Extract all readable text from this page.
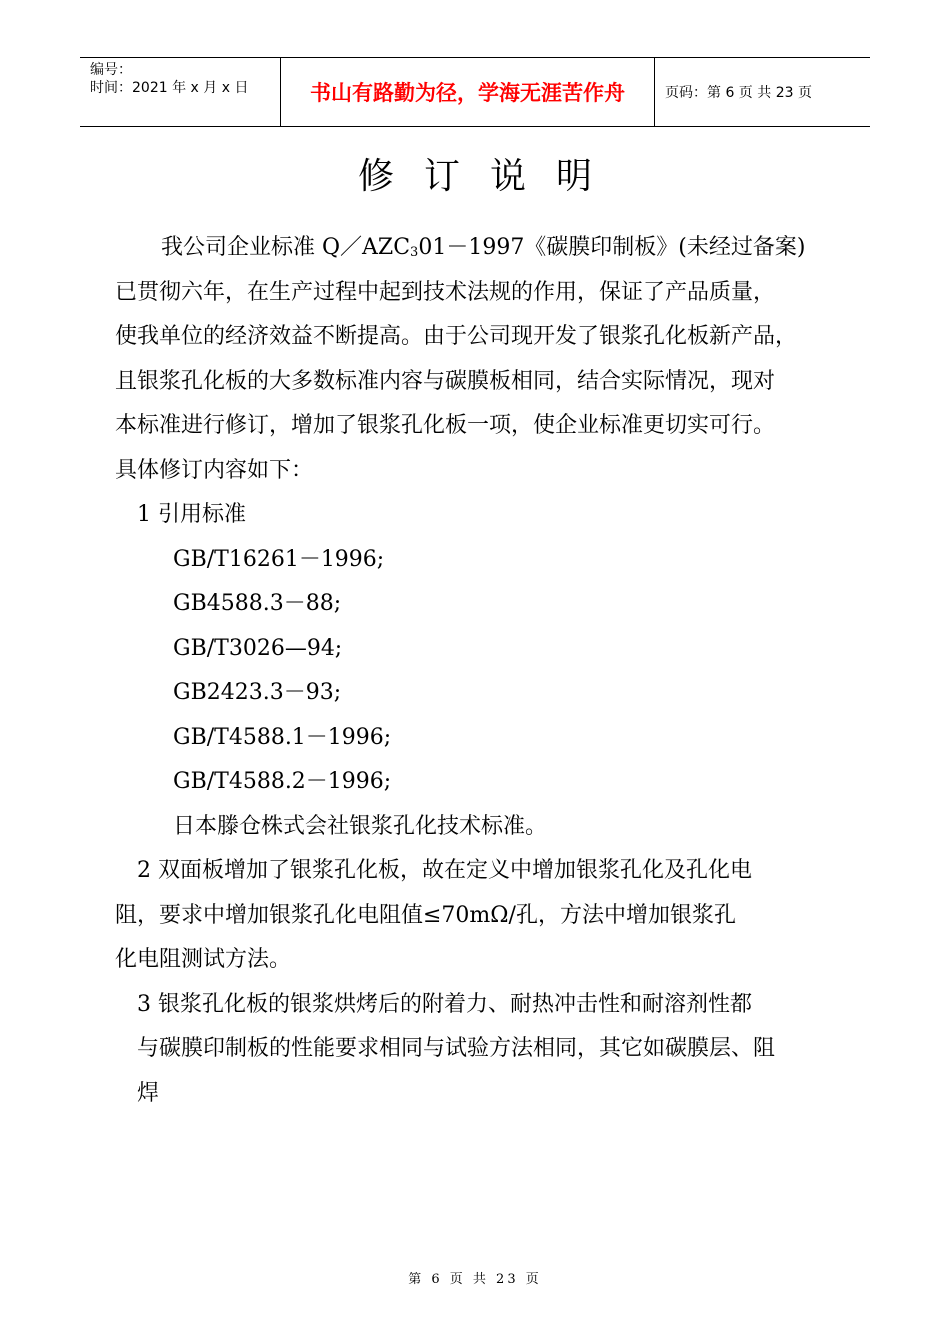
编号：
时间：2021 年 x 月 x 日	书山有路勤为径，学海无涯苦作舟	页码：第 6 页 共 23 页
修订说明
我公司企业标准 $Q/AZC_301-1997$《碳膜印制板》(未经过备案)
已贯彻六年，在生产过程中起到技术法规的作用，保证了产品质量，
使我单位的经济效益不断提高。由于公司现开发了银浆孔化板新产品，
且银浆孔化板的大多数标准内容与碳膜板相同，结合实际情况，现对
本标准进行修订，增加了银浆孔化板一项，使企业标准更切实可行。
具体修订内容如下：
1 引用标准
GB/T16261－1996;
GB4588.3－88;
GB/T3026—94;
GB2423.3－93;
GB/T4588.1－1996;
GB/T4588.2－1996;
日本滕仓株式会社银浆孔化技术标准。
2 双面板增加了银浆孔化板，故在定义中增加银浆孔化及孔化电
阻，要求中增加银浆孔化电阻值≤70mΩ/孔，方法中增加银浆孔
化电阻测试方法。
3 银浆孔化板的银浆烘烤后的附着力、耐热冲击性和耐溶剂性都
与碳膜印制板的性能要求相同与试验方法相同，其它如碳膜层、阻
焊
第 6 页 共 23 页
